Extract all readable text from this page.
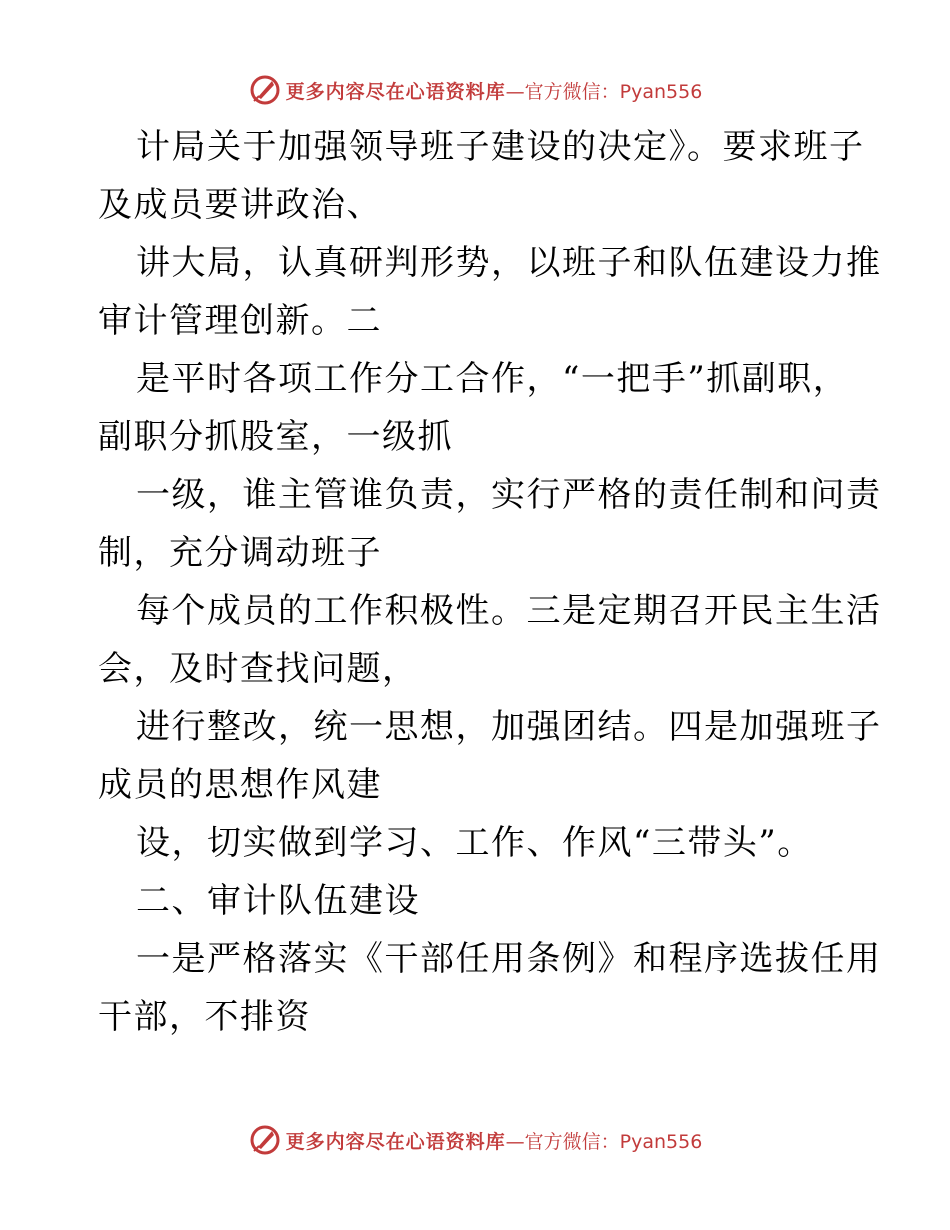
更多内容尽在心语资料库 —官方微信：Pyan556
计局关于加强领导班子建设的决定》。要求班子
及成员要讲政治、
讲大局，认真研判形势，以班子和队伍建设力推
审计管理创新。二
是平时各项工作分工合作，“一把手”抓副职，
副职分抓股室，一级抓
一级，谁主管谁负责，实行严格的责任制和问责
制，充分调动班子
每个成员的工作积极性。三是定期召开民主生活
会，及时查找问题，
进行整改，统一思想，加强团结。四是加强班子
成员的思想作风建
设，切实做到学习、工作、作风“三带头”。
二、审计队伍建设
一是严格落实《干部任用条例》和程序选拔任用
干部，不排资
更多内容尽在心语资料库 —官方微信：Pyan556
